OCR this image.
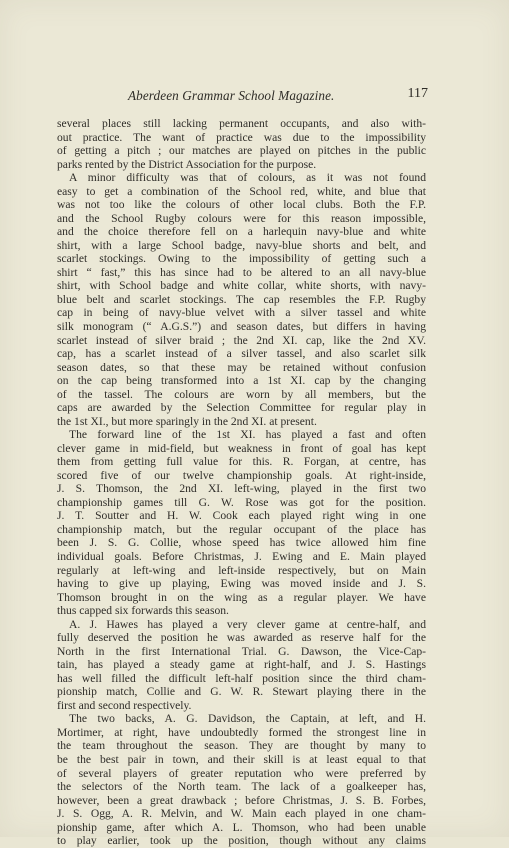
Aberdeen Grammar School Magazine.	117
several places still lacking permanent occupants, and also with-
out practice. The want of practice was due to the impossibility
of getting a pitch ; our matches are played on pitches in the public
parks rented by the District Association for the purpose.
A minor difficulty was that of colours, as it was not found
easy to get a combination of the School red, white, and blue that
was not too like the colours of other local clubs. Both the F.P.
and the School Rugby colours were for this reason impossible,
and the choice therefore fell on a harlequin navy-blue and white
shirt, with a large School badge, navy-blue shorts and belt, and
scarlet stockings. Owing to the impossibility of getting such a
shirt “ fast,” this has since had to be altered to an all navy-blue
shirt, with School badge and white collar, white shorts, with navy-
blue belt and scarlet stockings. The cap resembles the F.P. Rugby
cap in being of navy-blue velvet with a silver tassel and white
silk monogram (“ A.G.S.”) and season dates, but differs in having
scarlet instead of silver braid ; the 2nd XI. cap, like the 2nd XV.
cap, has a scarlet instead of a silver tassel, and also scarlet silk
season dates, so that these may be retained without confusion
on the cap being transformed into a 1st XI. cap by the changing
of the tassel. The colours are worn by all members, but the
caps are awarded by the Selection Committee for regular play in
the 1st XI., but more sparingly in the 2nd XI. at present.
The forward line of the 1st XI. has played a fast and often
clever game in mid-field, but weakness in front of goal has kept
them from getting full value for this. R. Forgan, at centre, has
scored five of our twelve championship goals. At right-inside,
J. S. Thomson, the 2nd XI. left-wing, played in the first two
championship games till G. W. Rose was got for the position.
J. T. Soutter and H. W. Cook each played right wing in one
championship match, but the regular occupant of the place has
been J. S. G. Collie, whose speed has twice allowed him fine
individual goals. Before Christmas, J. Ewing and E. Main played
regularly at left-wing and left-inside respectively, but on Main
having to give up playing, Ewing was moved inside and J. S.
Thomson brought in on the wing as a regular player. We have
thus capped six forwards this season.
A. J. Hawes has played a very clever game at centre-half, and
fully deserved the position he was awarded as reserve half for the
North in the first International Trial. G. Dawson, the Vice-Cap-
tain, has played a steady game at right-half, and J. S. Hastings
has well filled the difficult left-half position since the third cham-
pionship match, Collie and G. W. R. Stewart playing there in the
first and second respectively.
The two backs, A. G. Davidson, the Captain, at left, and H.
Mortimer, at right, have undoubtedly formed the strongest line in
the team throughout the season. They are thought by many to
be the best pair in town, and their skill is at least equal to that
of several players of greater reputation who were preferred by
the selectors of the North team. The lack of a goalkeeper has,
however, been a great drawback ; before Christmas, J. S. B. Forbes,
J. S. Ogg, A. R. Melvin, and W. Main each played in one cham-
pionship game, after which A. L. Thomson, who had been unable
to play earlier, took up the position, though without any claims
